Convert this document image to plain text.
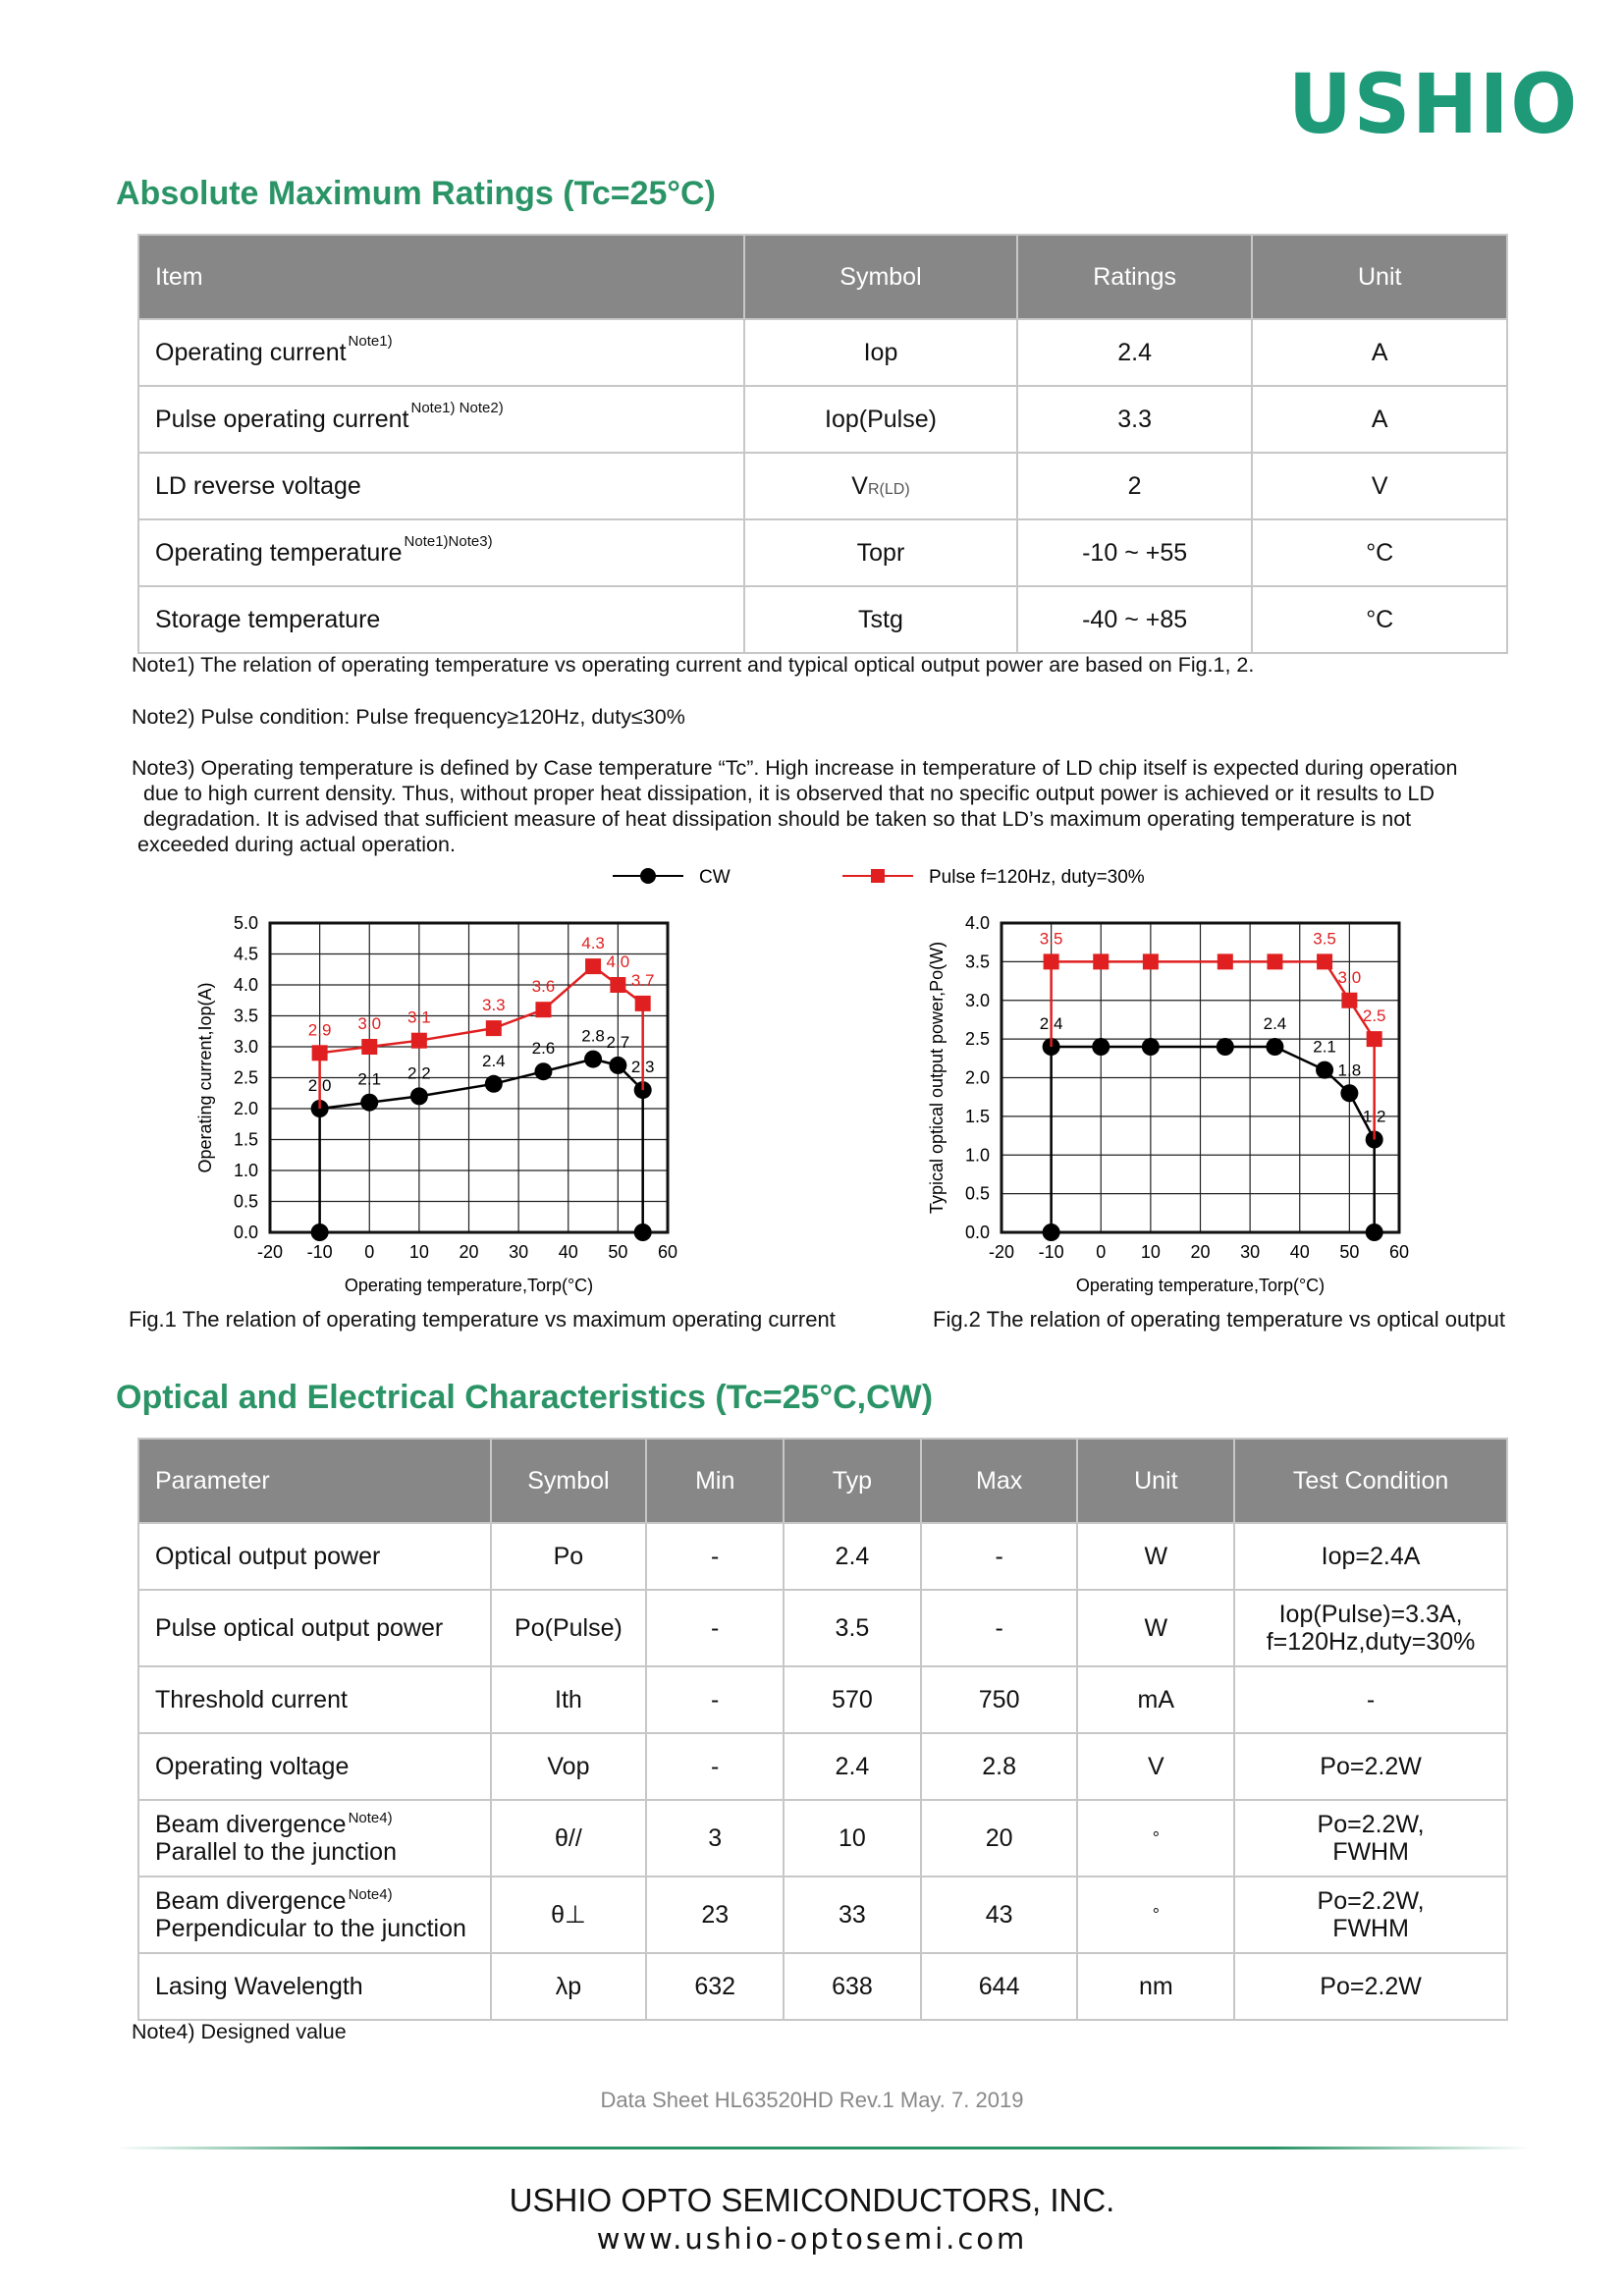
USHIO
Absolute Maximum Ratings (Tc=25°C)
Item	Symbol	Ratings	Unit
Operating current $^{Note1)}$	Iop	2.4	A
Pulse operating current $^{Note1) Note2)}$	Iop(Pulse)	3.3	A
LD reverse voltage	VR(LD)	2	V
Operating temperature $^{Note1)Note3)}$	Topr	-10 ~ +55	°C
Storage temperature	Tstg	-40 ~ +85	°C
Note1) The relation of operating temperature vs operating current and typical optical output power are based on Fig.1, 2.
Note2) Pulse condition: Pulse frequency≥120Hz, duty≤30%
Note3) Operating temperature is defined by Case temperature “Tc”. High increase in temperature of LD chip itself is expected during operation
due to high current density. Thus, without proper heat dissipation, it is observed that no specific output power is achieved or it results to LD
degradation. It is advised that sufficient measure of heat dissipation should be taken so that LD’s maximum operating temperature is not
exceeded during actual operation.
CW	Pulse f=120Hz, duty=30%
-20 -10 0 10 20 30 40 50 60
0.0
0.5
1.0
1.5
2.0
2.5
3.0
3.5
4.0
4.5
5.0
Operating temperature,Torp(°C)
Operating current,Iop(A)	2.0 2.1 2.2
2.4
2.6
2.8 2.7
2.3
2.9 3.0 3.1
3.3
3.6
4.3
4.0
3.7
-20 -10 0 10 20 30 40 50 60
0.0
0.5
1.0
1.5
2.0
2.5
3.0
3.5
4.0
Operating temperature,Torp(°C)
Typical optical output power,Po(W)	2.4	2.4
2.1
1.8
1.2
3.5	3.5
3.0
2.5
Fig.1 The relation of operating temperature vs maximum operating current	Fig.2 The relation of operating temperature vs optical output
Optical and Electrical Characteristics (Tc=25°C,CW)
Parameter	Symbol	Min	Typ	Max	Unit	Test Condition
Optical output power	Po	-	2.4	-	W	Iop=2.4A
Pulse optical output power	Po(Pulse)	-	3.5	-	W	Iop(Pulse)=3.3A,
f=120Hz,duty=30%
Threshold current	Ith	-	570	750	mA	-
Operating voltage	Vop	-	2.4	2.8	V	Po=2.2W
Beam divergence $^{Note4)}$
Parallel to the junction	θ//	3	10	20	°	Po=2.2W,
FWHM
Beam divergence $^{Note4)}$
Perpendicular to the junction	θ⊥	23	33	43	°	Po=2.2W,
FWHM
Lasing Wavelength	λp	632	638	644	nm	Po=2.2W
Note4) Designed value
Data Sheet HL63520HD Rev.1 May. 7. 2019
USHIO OPTO SEMICONDUCTORS, INC.
www.ushio-optosemi.com
